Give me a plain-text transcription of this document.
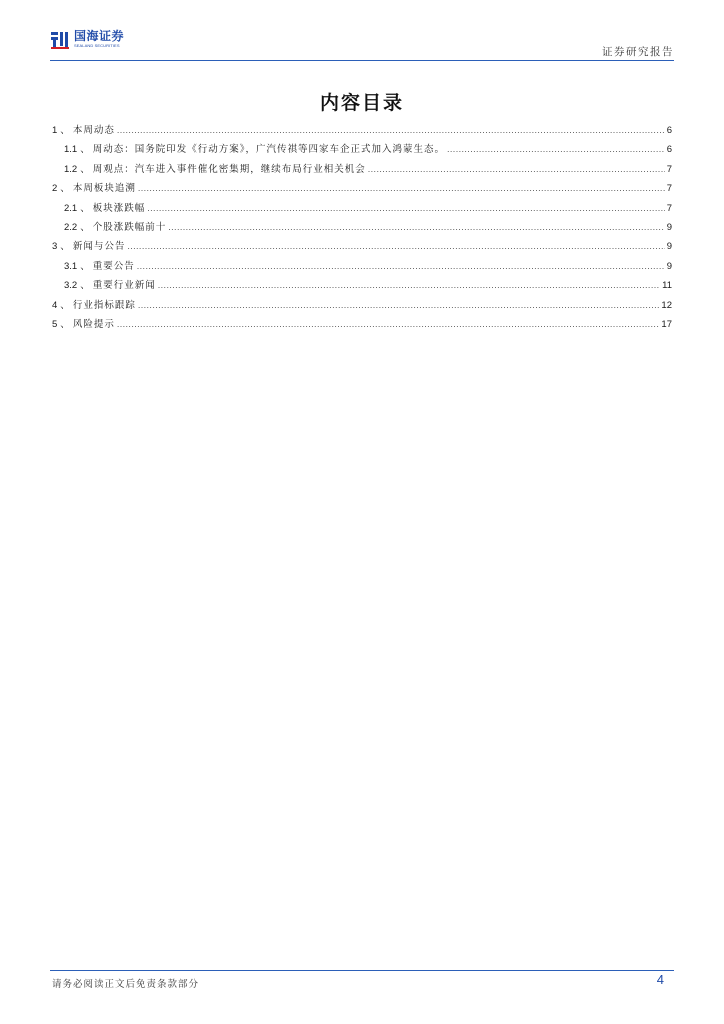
国海证券
SEALAND SECURITIES
证券研究报告
内容目录
1 、 本周动态 .....	6
1.1 、 周动态：国务院印发《行动方案》，广汽传祺等四家车企正式加入鸿蒙生态。 .....	6
1.2 、 周观点：汽车进入事件催化密集期，继续布局行业相关机会 .....	7
2 、 本周板块追溯 .....	7
2.1 、 板块涨跌幅 .....	7
2.2 、 个股涨跌幅前十 .....	9
3 、 新闻与公告 .....	9
3.1 、 重要公告 .....	9
3.2 、 重要行业新闻 .....	11
4 、 行业指标跟踪 .....	12
5 、 风险提示 .....	17
请务必阅读正文后免责条款部分	4
